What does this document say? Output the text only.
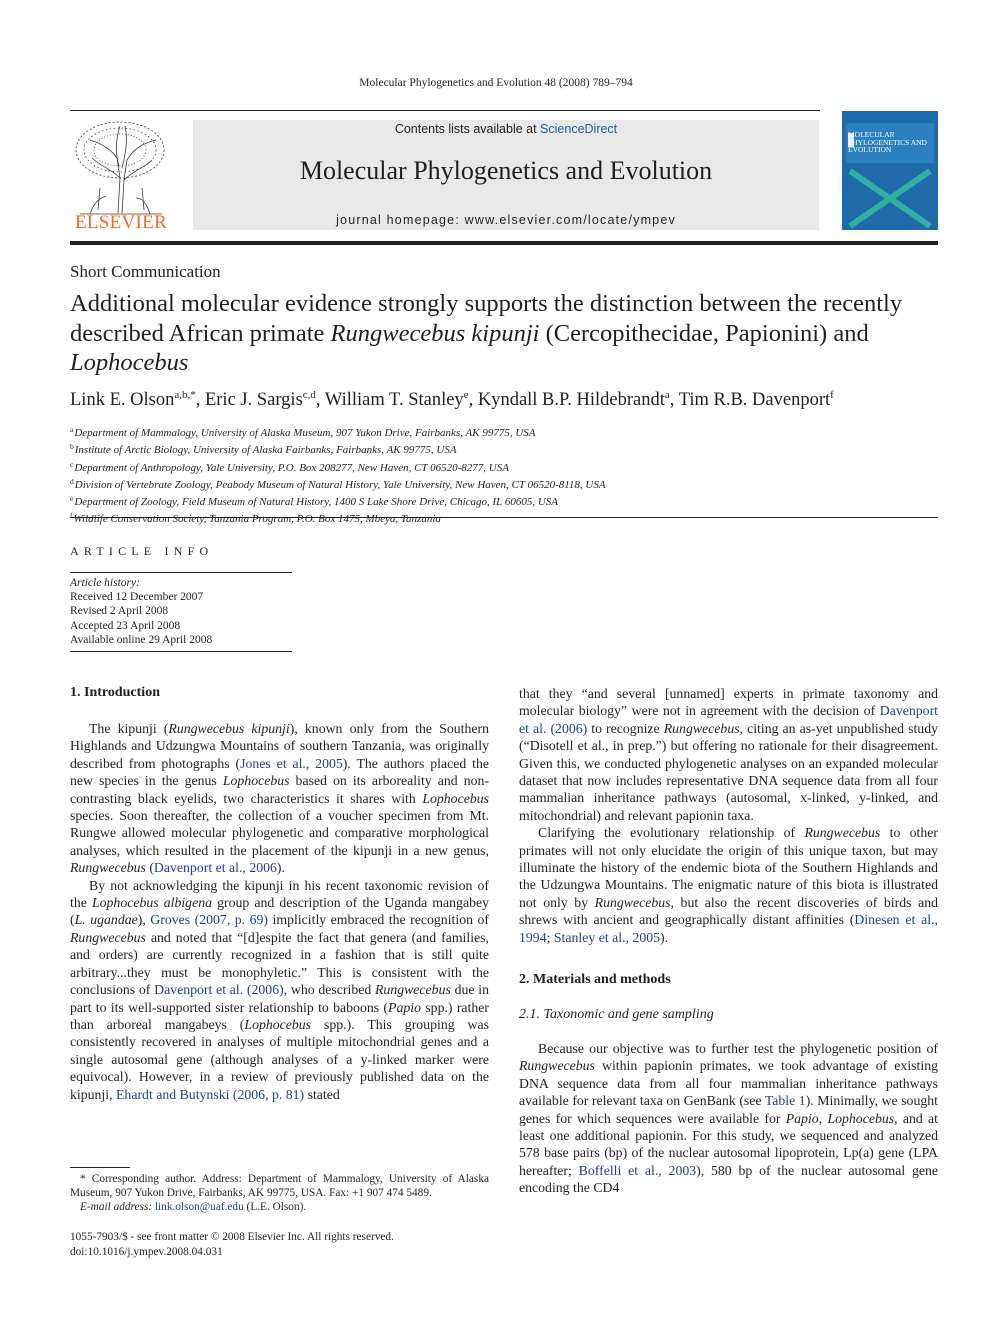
Molecular Phylogenetics and Evolution 48 (2008) 789–794
ELSEVIER
Contents lists available at ScienceDirect
Molecular Phylogenetics and Evolution
journal homepage: www.elsevier.com/locate/ympev
MOLECULAR PHYLOGENETICS AND EVOLUTION
Short Communication
Additional molecular evidence strongly supports the distinction between the recently described African primate Rungwecebus kipunji (Cercopithecidae, Papionini) and Lophocebus
Link E. Olson$^{a,b,*}$, Eric J. Sargis$^{c,d}$, William T. Stanley$^e$, Kyndall B.P. Hildebrandt$^a$, Tim R.B. Davenport$^f$
$^a$Department of Mammalogy, University of Alaska Museum, 907 Yukon Drive, Fairbanks, AK 99775, USA
$^b$Institute of Arctic Biology, University of Alaska Fairbanks, Fairbanks, AK 99775, USA
$^c$Department of Anthropology, Yale University, P.O. Box 208277, New Haven, CT 06520-8277, USA
$^d$Division of Vertebrate Zoology, Peabody Museum of Natural History, Yale University, New Haven, CT 06520-8118, USA
$^e$Department of Zoology, Field Museum of Natural History, 1400 S Lake Shore Drive, Chicago, IL 60605, USA
$^f$Wildlife Conservation Society, Tanzania Program, P.O. Box 1475, Mbeya, Tanzania
ARTICLE INFO
Article history:
Received 12 December 2007
Revised 2 April 2008
Accepted 23 April 2008
Available online 29 April 2008
1. Introduction

The kipunji (Rungwecebus kipunji), known only from the Southern Highlands and Udzungwa Mountains of southern Tanzania, was originally described from photographs (Jones et al., 2005). The authors placed the new species in the genus Lophocebus based on its arboreality and non-contrasting black eyelids, two characteristics it shares with Lophocebus species. Soon thereafter, the collection of a voucher specimen from Mt. Rungwe allowed molecular phylogenetic and comparative morphological analyses, which resulted in the placement of the kipunji in a new genus, Rungwecebus (Davenport et al., 2006).

By not acknowledging the kipunji in his recent taxonomic revision of the Lophocebus albigena group and description of the Uganda mangabey (L. ugandae), Groves (2007, p. 69) implicitly embraced the recognition of Rungwecebus and noted that “[d]espite the fact that genera (and families, and orders) are currently recognized in a fashion that is still quite arbitrary...they must be monophyletic.” This is consistent with the conclusions of Davenport et al. (2006), who described Rungwecebus due in part to its well-supported sister relationship to baboons (Papio spp.) rather than arboreal mangabeys (Lophocebus spp.). This grouping was consistently recovered in analyses of multiple mitochondrial genes and a single autosomal gene (although analyses of a y-linked marker were equivocal). However, in a review of previously published data on the kipunji, Ehardt and Butynski (2006, p. 81) stated

that they “and several [unnamed] experts in primate taxonomy and molecular biology” were not in agreement with the decision of Davenport et al. (2006) to recognize Rungwecebus, citing an as-yet unpublished study (“Disotell et al., in prep.”) but offering no rationale for their disagreement. Given this, we conducted phylogenetic analyses on an expanded molecular dataset that now includes representative DNA sequence data from all four mammalian inheritance pathways (autosomal, x-linked, y-linked, and mitochondrial) and relevant papionin taxa.

Clarifying the evolutionary relationship of Rungwecebus to other primates will not only elucidate the origin of this unique taxon, but may illuminate the history of the endemic biota of the Southern Highlands and the Udzungwa Mountains. The enigmatic nature of this biota is illustrated not only by Rungwecebus, but also the recent discoveries of birds and shrews with ancient and geographically distant affinities (Dinesen et al., 1994; Stanley et al., 2005).

2. Materials and methods
2.1. Taxonomic and gene sampling

Because our objective was to further test the phylogenetic position of Rungwecebus within papionin primates, we took advantage of existing DNA sequence data from all four mammalian inheritance pathways available for relevant taxa on GenBank (see Table 1). Minimally, we sought genes for which sequences were available for Papio, Lophocebus, and at least one additional papionin. For this study, we sequenced and analyzed 578 base pairs (bp) of the nuclear autosomal lipoprotein, Lp(a) gene (LPA hereafter; Boffelli et al., 2003), 580 bp of the nuclear autosomal gene encoding the CD4

* Corresponding author. Address: Department of Mammalogy, University of Alaska Museum, 907 Yukon Drive, Fairbanks, AK 99775, USA. Fax: +1 907 474 5489.

E-mail address: link.olson@uaf.edu (L.E. Olson).

1055-7903/$ - see front matter © 2008 Elsevier Inc. All rights reserved.
doi:10.1016/j.ympev.2008.04.031
